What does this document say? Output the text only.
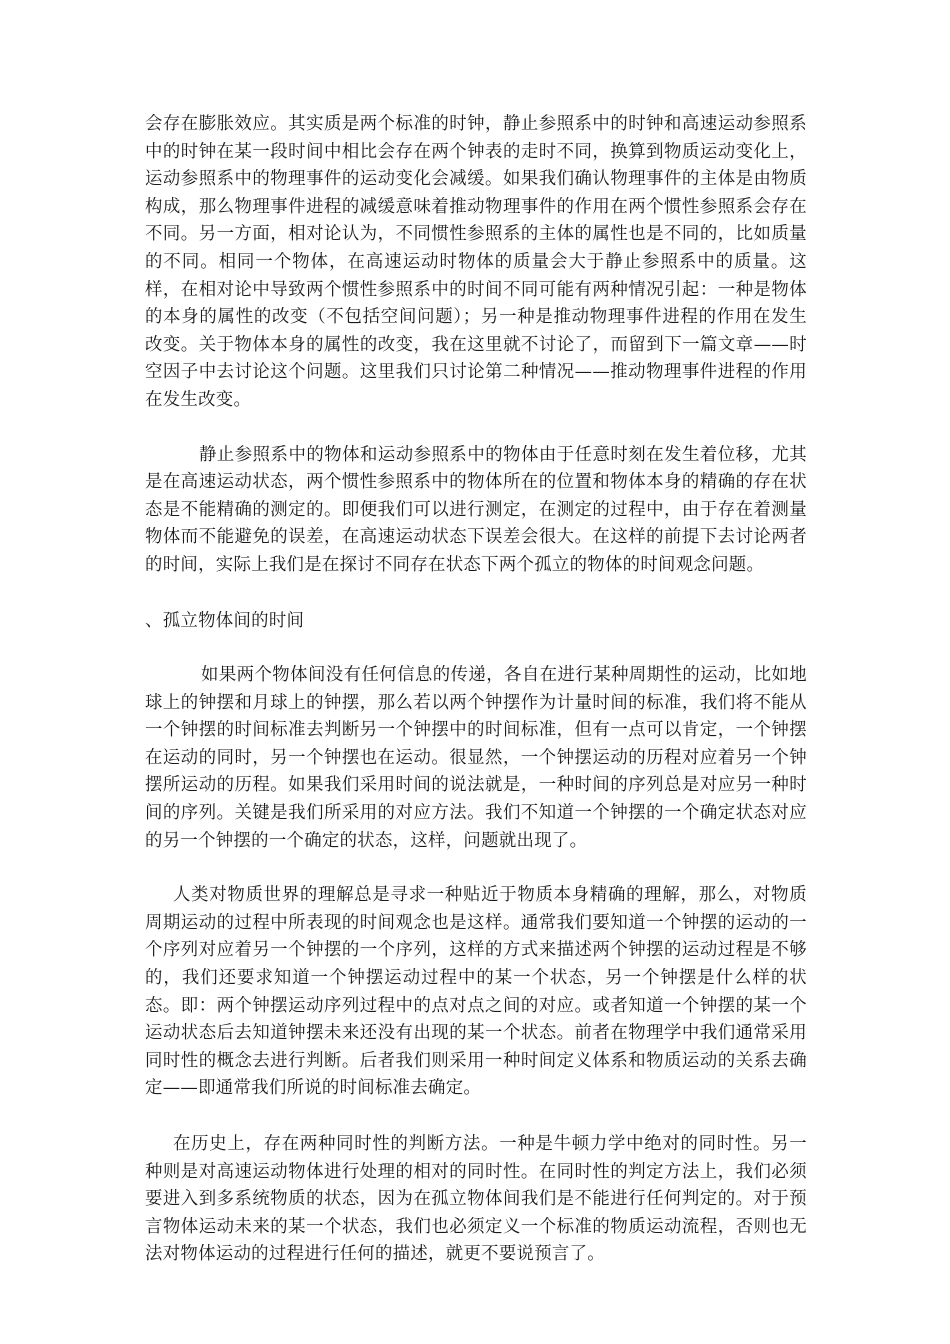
会存在膨胀效应。其实质是两个标准的时钟，静止参照系中的时钟和高速运动参照系中的时钟在某一段时间中相比会存在两个钟表的走时不同，换算到物质运动变化上，运动参照系中的物理事件的运动变化会减缓。如果我们确认物理事件的主体是由物质构成，那么物理事件进程的减缓意味着推动物理事件的作用在两个惯性参照系会存在不同。另一方面，相对论认为，不同惯性参照系的主体的属性也是不同的，比如质量的不同。相同一个物体，在高速运动时物体的质量会大于静止参照系中的质量。这样，在相对论中导致两个惯性参照系中的时间不同可能有两种情况引起：一种是物体的本身的属性的改变（不包括空间问题）；另一种是推动物理事件进程的作用在发生改变。关于物体本身的属性的改变，我在这里就不讨论了，而留到下一篇文章——时空因子中去讨论这个问题。这里我们只讨论第二种情况——推动物理事件进程的作用在发生改变。

静止参照系中的物体和运动参照系中的物体由于任意时刻在发生着位移，尤其是在高速运动状态，两个惯性参照系中的物体所在的位置和物体本身的精确的存在状态是不能精确的测定的。即便我们可以进行测定，在测定的过程中，由于存在着测量物体而不能避免的误差，在高速运动状态下误差会很大。在这样的前提下去讨论两者的时间，实际上我们是在探讨不同存在状态下两个孤立的物体的时间观念问题。

、孤立物体间的时间

如果两个物体间没有任何信息的传递，各自在进行某种周期性的运动，比如地球上的钟摆和月球上的钟摆，那么若以两个钟摆作为计量时间的标准，我们将不能从一个钟摆的时间标准去判断另一个钟摆中的时间标准，但有一点可以肯定，一个钟摆在运动的同时，另一个钟摆也在运动。很显然，一个钟摆运动的历程对应着另一个钟摆所运动的历程。如果我们采用时间的说法就是，一种时间的序列总是对应另一种时间的序列。关键是我们所采用的对应方法。我们不知道一个钟摆的一个确定状态对应的另一个钟摆的一个确定的状态，这样，问题就出现了。

人类对物质世界的理解总是寻求一种贴近于物质本身精确的理解，那么，对物质周期运动的过程中所表现的时间观念也是这样。通常我们要知道一个钟摆的运动的一个序列对应着另一个钟摆的一个序列，这样的方式来描述两个钟摆的运动过程是不够的，我们还要求知道一个钟摆运动过程中的某一个状态，另一个钟摆是什么样的状态。即：两个钟摆运动序列过程中的点对点之间的对应。或者知道一个钟摆的某一个运动状态后去知道钟摆未来还没有出现的某一个状态。前者在物理学中我们通常采用同时性的概念去进行判断。后者我们则采用一种时间定义体系和物质运动的关系去确定——即通常我们所说的时间标准去确定。

在历史上，存在两种同时性的判断方法。一种是牛顿力学中绝对的同时性。另一种则是对高速运动物体进行处理的相对的同时性。在同时性的判定方法上，我们必须要进入到多系统物质的状态，因为在孤立物体间我们是不能进行任何判定的。对于预言物体运动未来的某一个状态，我们也必须定义一个标准的物质运动流程，否则也无法对物体运动的过程进行任何的描述，就更不要说预言了。
